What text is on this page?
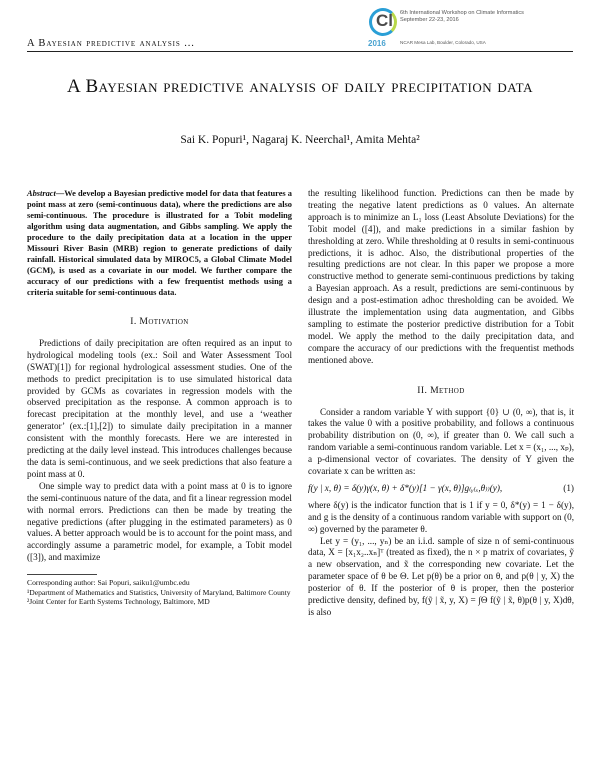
A Bayesian predictive analysis ...
Cl
2016
6th International Workshop on Climate Informatics
September 22-23, 2016
NCAR Mesa Lab, Boulder, Colorado, USA
A Bayesian predictive analysis of daily precipitation data
Sai K. Popuri¹, Nagaraj K. Neerchal¹, Amita Mehta²
Abstract—We develop a Bayesian predictive model for data that features a point mass at zero (semi-continuous data), where the predictions are also semi-continuous. The procedure is illustrated for a Tobit modeling algorithm using data augmentation, and Gibbs sampling. We apply the procedure to the daily precipitation data at a location in the upper Missouri River Basin (MRB) region to generate predictions of daily rainfall. Historical simulated data by MIROC5, a Global Climate Model (GCM), is used as a covariate in our model. We further compare the accuracy of our predictions with a few frequentist methods using a criteria suitable for semi-continuous data.
I. Motivation

Predictions of daily precipitation are often required as an input to hydrological modeling tools (ex.: Soil and Water Assessment Tool (SWAT)[1]) for regional hydrological assessment studies. One of the methods to predict precipitation is to use simulated historical data provided by GCMs as covariates in regression models with the observed precipitation as the response. A common approach is to forecast precipitation at the monthly level, and use a ‘weather generator’ (ex.:[1],[2]) to simulate daily precipitation in a manner consistent with the monthly forecasts. Here we are interested in predicting at the daily level instead. This introduces challenges because the data is semi-continuous, and we seek predictions that also feature a point mass at 0.

One simple way to predict data with a point mass at 0 is to ignore the semi-continuous nature of the data, and fit a linear regression model with normal errors. Predictions can then be made by treating the negative predictions (after plugging in the estimated parameters) as 0 values. A better approach would be is to account for the point mass, and accordingly assume a parametric model, for example, a Tobit model ([3]), and maximize

Corresponding author: Sai Popuri, saiku1@umbc.edu
¹Department of Mathematics and Statistics, University of Maryland, Baltimore County ²Joint Center for Earth Systems Technology, Baltimore, MD

the resulting likelihood function. Predictions can then be made by treating the negative latent predictions as 0 values. An alternate approach is to minimize an L₁ loss (Least Absolute Deviations) for the Tobit model ([4]), and make predictions in a similar fashion by thresholding at zero. While thresholding at 0 results in semi-continuous predictions, it is adhoc. Also, the distributional properties of the resulting predictions are not clear. In this paper we propose a more constructive method to generate semi-continuous predictions by taking a Bayesian approach. As a result, predictions are semi-continuous by design and a post-estimation adhoc thresholding can be avoided. We illustrate the implementation using data augmentation, and Gibbs sampling to estimate the posterior predictive distribution for a Tobit model. We apply the method to the daily precipitation data, and compare the accuracy of our predictions with the frequentist methods mentioned above.

II. Method

Consider a random variable Y with support {0} ∪ (0, ∞), that is, it takes the value 0 with a positive probability, and follows a continuous probability distribution on (0, ∞), if greater than 0. We call such a random variable a semi-continuous random variable. Let x = (x₁, ..., xₚ), a p-dimensional vector of covariates. The density of Y given the covariate x can be written as:

f(y | x, θ) = δ(y)γ(x, θ) + δ*(y)[1 − γ(x, θ)]g₍ᵧ₍ₓ,θ₎₎(y),	(1)

where δ(y) is the indicator function that is 1 if y = 0, δ*(y) = 1 − δ(y), and g is the density of a continuous random variable with support on (0, ∞) governed by the parameter θ.

Let y = (y₁, ..., yₙ) be an i.i.d. sample of size n of semi-continuous data, X = [x₁x₂..xₙ]ᵀ (treated as fixed), the n × p matrix of covariates, ỹ a new observation, and x̃ the corresponding new covariate. Let the parameter space of θ be Θ. Let p(θ) be a prior on θ, and p(θ | y, X) the posterior of θ. If the posterior of θ is proper, then the posterior predictive density, defined by, f(ỹ | x̃, y, X) = ∫Θ f(ỹ | x̃, θ)p(θ | y, X)dθ, is also
